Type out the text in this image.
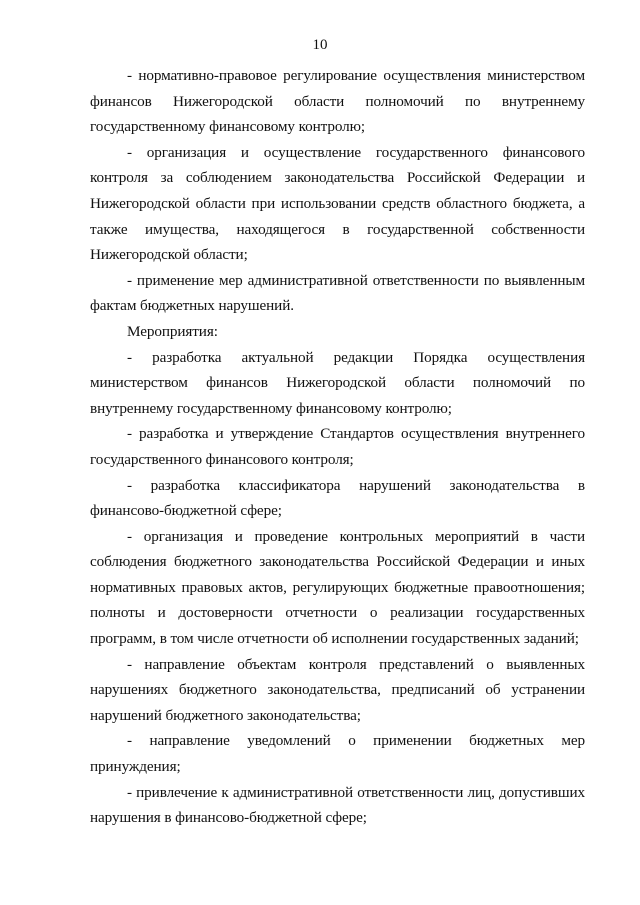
10

- нормативно-правовое регулирование осуществления министерством финансов Нижегородской области полномочий по внутреннему государственному финансовому контролю;

- организация и осуществление государственного финансового контроля за соблюдением законодательства Российской Федерации и Нижегородской области при использовании средств областного бюджета, а также имущества, находящегося в государственной собственности Нижегородской области;

- применение мер административной ответственности по выявленным фактам бюджетных нарушений.

Мероприятия:

- разработка актуальной редакции Порядка осуществления министерством финансов Нижегородской области полномочий по внутреннему государственному финансовому контролю;

- разработка и утверждение Стандартов осуществления внутреннего государственного финансового контроля;

- разработка классификатора нарушений законодательства в финансово-бюджетной сфере;

- организация и проведение контрольных мероприятий в части соблюдения бюджетного законодательства Российской Федерации и иных нормативных правовых актов, регулирующих бюджетные правоотношения; полноты и достоверности отчетности о реализации государственных программ, в том числе отчетности об исполнении государственных заданий;

- направление объектам контроля представлений о выявленных нарушениях бюджетного законодательства, предписаний об устранении нарушений бюджетного законодательства;

- направление уведомлений о применении бюджетных мер принуждения;

- привлечение к административной ответственности лиц, допустивших нарушения в финансово-бюджетной сфере;
